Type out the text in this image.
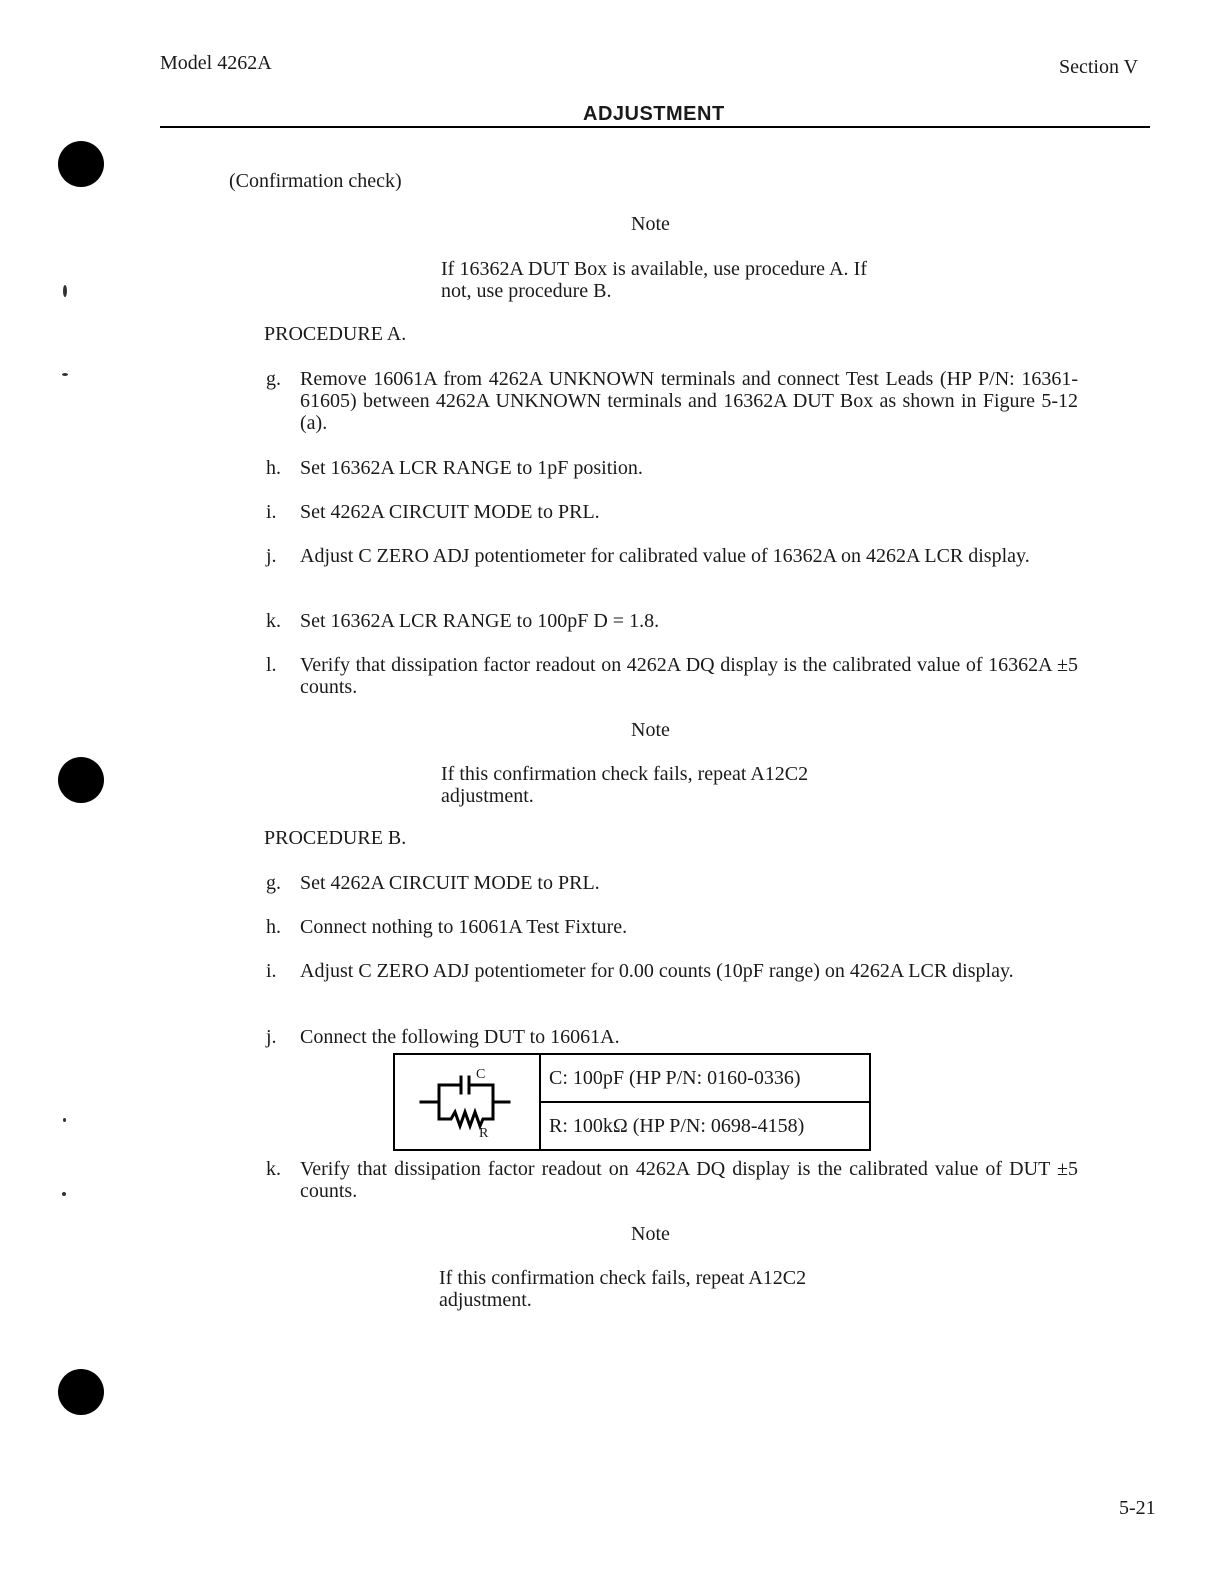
Model 4262A	Section V
ADJUSTMENT
(Confirmation check)
Note
If 16362A DUT Box is available, use procedure A. If not, use procedure B.
PROCEDURE A.
g. Remove 16061A from 4262A UNKNOWN terminals and connect Test Leads (HP P/N: 16361-61605) between 4262A UNKNOWN terminals and 16362A DUT Box as shown in Figure 5-12 (a).
h. Set 16362A LCR RANGE to 1pF position.
i. Set 4262A CIRCUIT MODE to PRL.
j. Adjust C ZERO ADJ potentiometer for calibrated value of 16362A on 4262A LCR display.
k. Set 16362A LCR RANGE to 100pF D = 1.8.
l. Verify that dissipation factor readout on 4262A DQ display is the calibrated value of 16362A ±5 counts.
Note
If this confirmation check fails, repeat A12C2 adjustment.
PROCEDURE B.
g. Set 4262A CIRCUIT MODE to PRL.
h. Connect nothing to 16061A Test Fixture.
i. Adjust C ZERO ADJ potentiometer for 0.00 counts (10pF range) on 4262A LCR display.
j. Connect the following DUT to 16061A.
C
R
C: 100pF (HP P/N: 0160-0336)
R: 100kΩ (HP P/N: 0698-4158)
k. Verify that dissipation factor readout on 4262A DQ display is the calibrated value of DUT ±5 counts.
Note
If this confirmation check fails, repeat A12C2 adjustment.
5-21
